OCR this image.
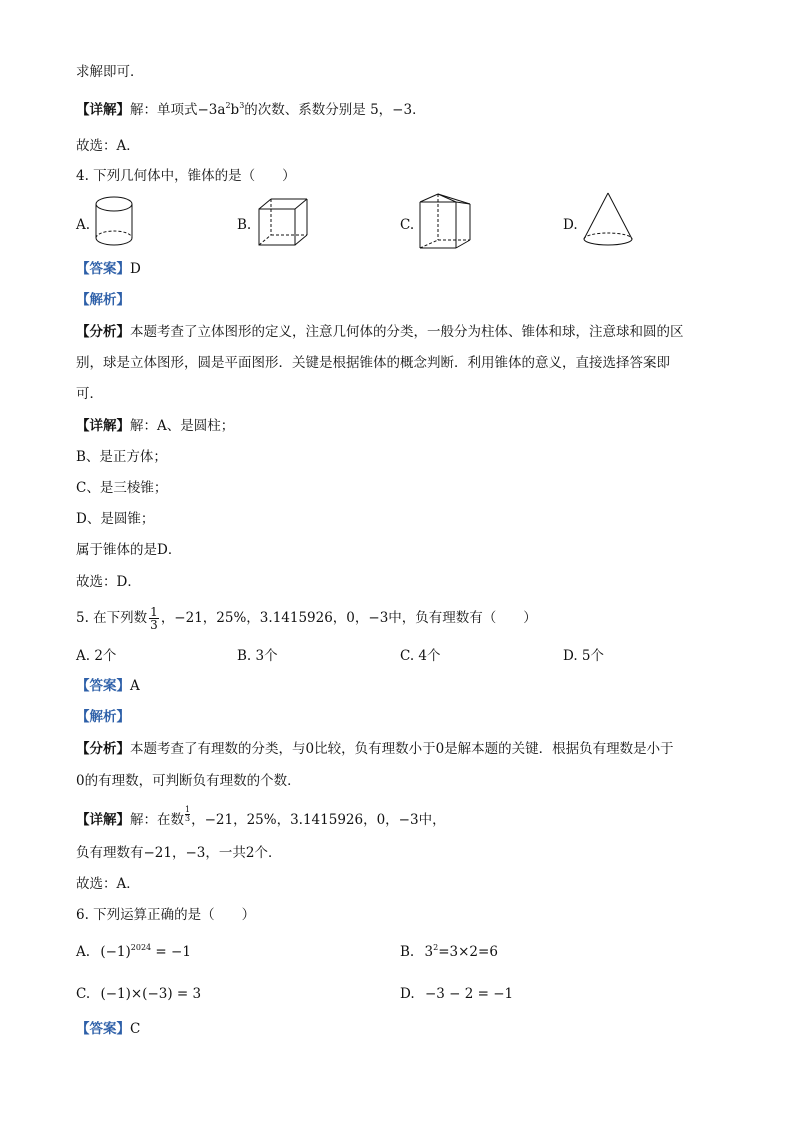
求解即可．
【详解】解：单项式$-3a^2b^3$的次数、系数分别是 5，−3．
故选：A．
4. 下列几何体中，锥体的是（　　）
A.	B.	C.	D.
【答案】D
【解析】
【分析】本题考查了立体图形的定义，注意几何体的分类，一般分为柱体、锥体和球，注意球和圆的区
别，球是立体图形，圆是平面图形．关键是根据锥体的概念判断．利用锥体的意义，直接选择答案即
可．
【详解】解：A、是圆柱；
B、是正方体；
C、是三棱锥；
D、是圆锥；
属于锥体的是D．
故选：D．
5. 在下列数 $\frac{1}{3}$ ，−21，25%，3.1415926，0，−3中，负有理数有（　　）
A. 2个	B. 3个	C. 4个	D. 5个
【答案】A
【解析】
【分析】本题考查了有理数的分类，与0比较，负有理数小于0是解本题的关键．根据负有理数是小于
0的有理数，可判断负有理数的个数．
【详解】解：在数 $\frac{1}{3}$ ，−21，25%，3.1415926，0，−3中，
负有理数有−21，−3，一共2个．
故选：A．
6. 下列运算正确的是（　　）
A. $(-1)^{2024} = -1$	B. $3^2=3\times 2=6$
C. (−1)×(−3) = 3	D. −3 − 2 = −1
【答案】C
